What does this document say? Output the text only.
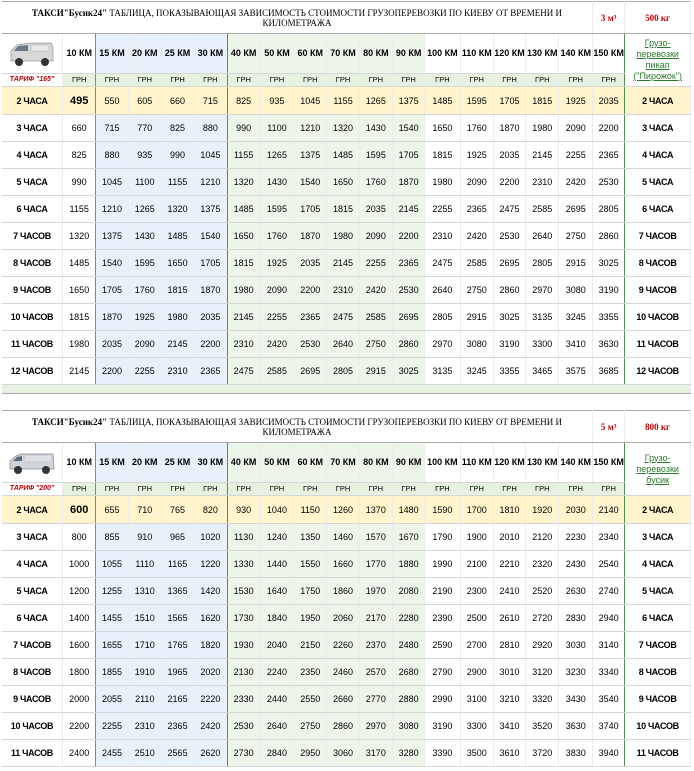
ТАКСИ"Бусик24" ТАБЛИЦА, ПОКАЗЫВАЮЩАЯ ЗАВИСИМОСТЬ СТОИМОСТИ ГРУЗОПЕРЕВОЗКИ ПО КИЕВУ ОТ ВРЕМЕНИ И КИЛОМЕТРАЖА																	3 м³	500 кг

	10 КМ	15 КМ	20 КМ	25 КМ	30 КМ	40 КМ	50 КМ	60 КМ	70 КМ	80 КМ	90 КМ	100 КМ	110 КМ	120 КМ	130 КМ	140 КМ	150 КМ	Грузо-перевозки пикап ("Пирожок")
ТАРИФ "165"	ГРН	ГРН	ГРН	ГРН	ГРН	ГРН	ГРН	ГРН	ГРН	ГРН	ГРН	ГРН	ГРН	ГРН	ГРН	ГРН	ГРН	
2 ЧАСА	495	550	605	660	715	825	935	1045	1155	1265	1375	1485	1595	1705	1815	1925	2035	2 ЧАСА
3 ЧАСА	660	715	770	825	880	990	1100	1210	1320	1430	1540	1650	1760	1870	1980	2090	2200	3 ЧАСА
4 ЧАСА	825	880	935	990	1045	1155	1265	1375	1485	1595	1705	1815	1925	2035	2145	2255	2365	4 ЧАСА
5 ЧАСА	990	1045	1100	1155	1210	1320	1430	1540	1650	1760	1870	1980	2090	2200	2310	2420	2530	5 ЧАСА
6 ЧАСА	1155	1210	1265	1320	1375	1485	1595	1705	1815	2035	2145	2255	2365	2475	2585	2695	2805	6 ЧАСА
7 ЧАСОВ	1320	1375	1430	1485	1540	1650	1760	1870	1980	2090	2200	2310	2420	2530	2640	2750	2860	7 ЧАСОВ
8 ЧАСОВ	1485	1540	1595	1650	1705	1815	1925	2035	2145	2255	2365	2475	2585	2695	2805	2915	3025	8 ЧАСОВ
9 ЧАСОВ	1650	1705	1760	1815	1870	1980	2090	2200	2310	2420	2530	2640	2750	2860	2970	3080	3190	9 ЧАСОВ
10 ЧАСОВ	1815	1870	1925	1980	2035	2145	2255	2365	2475	2585	2695	2805	2915	3025	3135	3245	3355	10 ЧАСОВ
11 ЧАСОВ	1980	2035	2090	2145	2200	2310	2420	2530	2640	2750	2860	2970	3080	3190	3300	3410	3630	11 ЧАСОВ
12 ЧАСОВ	2145	2200	2255	2310	2365	2475	2585	2695	2805	2915	3025	3135	3245	3355	3465	3575	3685	12 ЧАСОВ

ТАКСИ"Бусик24" ТАБЛИЦА, ПОКАЗЫВАЮЩАЯ ЗАВИСИМОСТЬ СТОИМОСТИ ГРУЗОПЕРЕВОЗКИ ПО КИЕВУ ОТ ВРЕМЕНИ И КИЛОМЕТРАЖА																	5 м³	800 кг

	10 КМ	15 КМ	20 КМ	25 КМ	30 КМ	40 КМ	50 КМ	60 КМ	70 КМ	80 КМ	90 КМ	100 КМ	110 КМ	120 КМ	130 КМ	140 КМ	150 КМ	Грузо-перевозки бусик
ТАРИФ "200"	ГРН	ГРН	ГРН	ГРН	ГРН	ГРН	ГРН	ГРН	ГРН	ГРН	ГРН	ГРН	ГРН	ГРН	ГРН	ГРН	ГРН	
2 ЧАСА	600	655	710	765	820	930	1040	1150	1260	1370	1480	1590	1700	1810	1920	2030	2140	2 ЧАСА
3 ЧАСА	800	855	910	965	1020	1130	1240	1350	1460	1570	1670	1790	1900	2010	2120	2230	2340	3 ЧАСА
4 ЧАСА	1000	1055	1110	1165	1220	1330	1440	1550	1660	1770	1880	1990	2100	2210	2320	2430	2540	4 ЧАСА
5 ЧАСА	1200	1255	1310	1365	1420	1530	1640	1750	1860	1970	2080	2190	2300	2410	2520	2630	2740	5 ЧАСА
6 ЧАСА	1400	1455	1510	1565	1620	1730	1840	1950	2060	2170	2280	2390	2500	2610	2720	2830	2940	6 ЧАСА
7 ЧАСОВ	1600	1655	1710	1765	1820	1930	2040	2150	2260	2370	2480	2590	2700	2810	2920	3030	3140	7 ЧАСОВ
8 ЧАСОВ	1800	1855	1910	1965	2020	2130	2240	2350	2460	2570	2680	2790	2900	3010	3120	3230	3340	8 ЧАСОВ
9 ЧАСОВ	2000	2055	2110	2165	2220	2330	2440	2550	2660	2770	2880	2990	3100	3210	3320	3430	3540	9 ЧАСОВ
10 ЧАСОВ	2200	2255	2310	2365	2420	2530	2640	2750	2860	2970	3080	3190	3300	3410	3520	3630	3740	10 ЧАСОВ
11 ЧАСОВ	2400	2455	2510	2565	2620	2730	2840	2950	3060	3170	3280	3390	3500	3610	3720	3830	3940	11 ЧАСОВ
